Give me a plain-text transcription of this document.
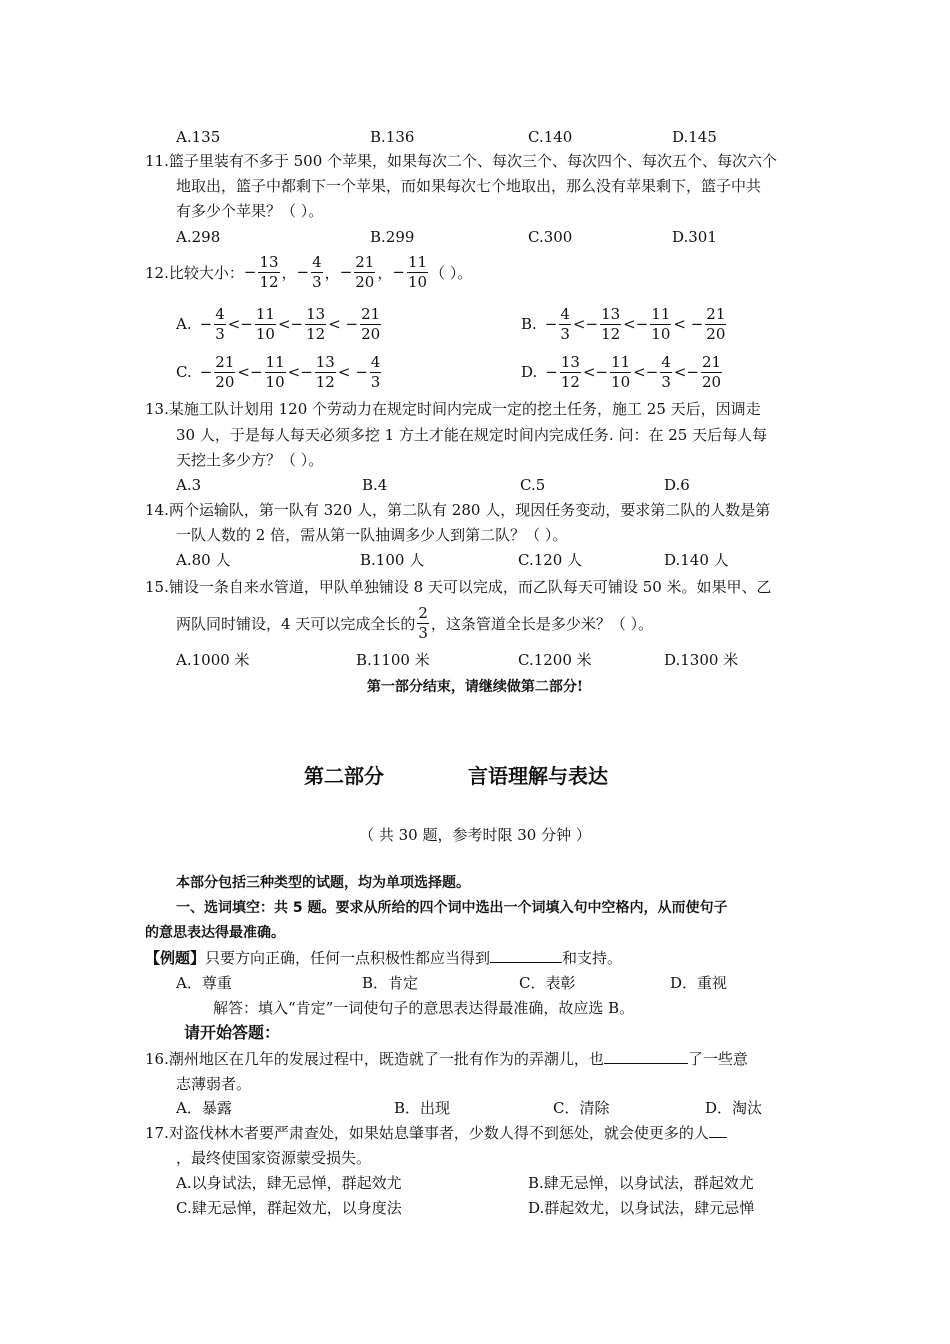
A.135	B.136	C.140	D.145
11.篮子里装有不多于 500 个苹果，如果每次二个、每次三个、每次四个、每次五个、每次六个
地取出，篮子中都剩下一个苹果，而如果每次七个地取出，那么没有苹果剩下，篮子中共
有多少个苹果？（ ）。
A.298	B.299	C.300	D.301
12.比较大小： − $\frac{13}{12}$ ， − $\frac{4}{3}$ ， − $\frac{21}{20}$ ， − $\frac{11}{10}$ （ ）。
A. − $\frac{4}{3} <- \frac{11}{10} <- \frac{13}{12}$ < − $\frac{21}{20}$	B. − $\frac{4}{3} <- \frac{13}{12} <- \frac{11}{10}$ < − $\frac{21}{20}$
C. − $\frac{21}{20} <- \frac{11}{10} <- \frac{13}{12}$ < − $\frac{4}{3}$	D. − $\frac{13}{12} <- \frac{11}{10} <- \frac{4}{3} <- \frac{21}{20}$
13.某施工队计划用 120 个劳动力在规定时间内完成一定的挖土任务，施工 25 天后，因调走
30 人，于是每人每天必须多挖 1 方土才能在规定时间内完成任务. 问：在 25 天后每人每
天挖土多少方？（ ）。
A.3	B.4	C.5	D.6
14.两个运输队，第一队有 320 人，第二队有 280 人，现因任务变动，要求第二队的人数是第
一队人数的 2 倍，需从第一队抽调多少人到第二队？（ ）。
A.80 人	B.100 人	C.120 人	D.140 人
15.铺设一条自来水管道，甲队单独铺设 8 天可以完成，而乙队每天可铺设 50 米。如果甲、乙
两队同时铺设，4 天可以完成全长的 $\frac{2}{3}$ ，这条管道全长是多少米？（ ）。
A.1000 米	B.1100 米	C.1200 米	D.1300 米
第一部分结束，请继续做第二部分!
第二部分	言语理解与表达
（ 共 30 题，参考时限 30 分钟 ）
本部分包括三种类型的试题，均为单项选择题。
一、选词填空：共 5 题。要求从所给的四个词中选出一个词填入句中空格内，从而使句子
的意思表达得最准确。
【例题】只要方向正确，任何一点积极性都应当得到	和支持。
A．尊重	B．肯定	C．表彰	D．重视
解答：填入“肯定”一词使句子的意思表达得最准确，故应选 B。
请开始答题：
16.潮州地区在几年的发展过程中，既造就了一批有作为的弄潮儿，也	了一些意
志薄弱者。
A．暴露	B．出现	C．清除	D．淘汰
17.对盗伐林木者要严肃查处，如果姑息肇事者，少数人得不到惩处，就会使更多的人
，最终使国家资源蒙受损失。
A.以身试法，肆无忌惮，群起效尤	B.肆无忌惮，以身试法，群起效尤
C.肆无忌惮，群起效尤，以身度法	D.群起效尤，以身试法，肆元忌惮
